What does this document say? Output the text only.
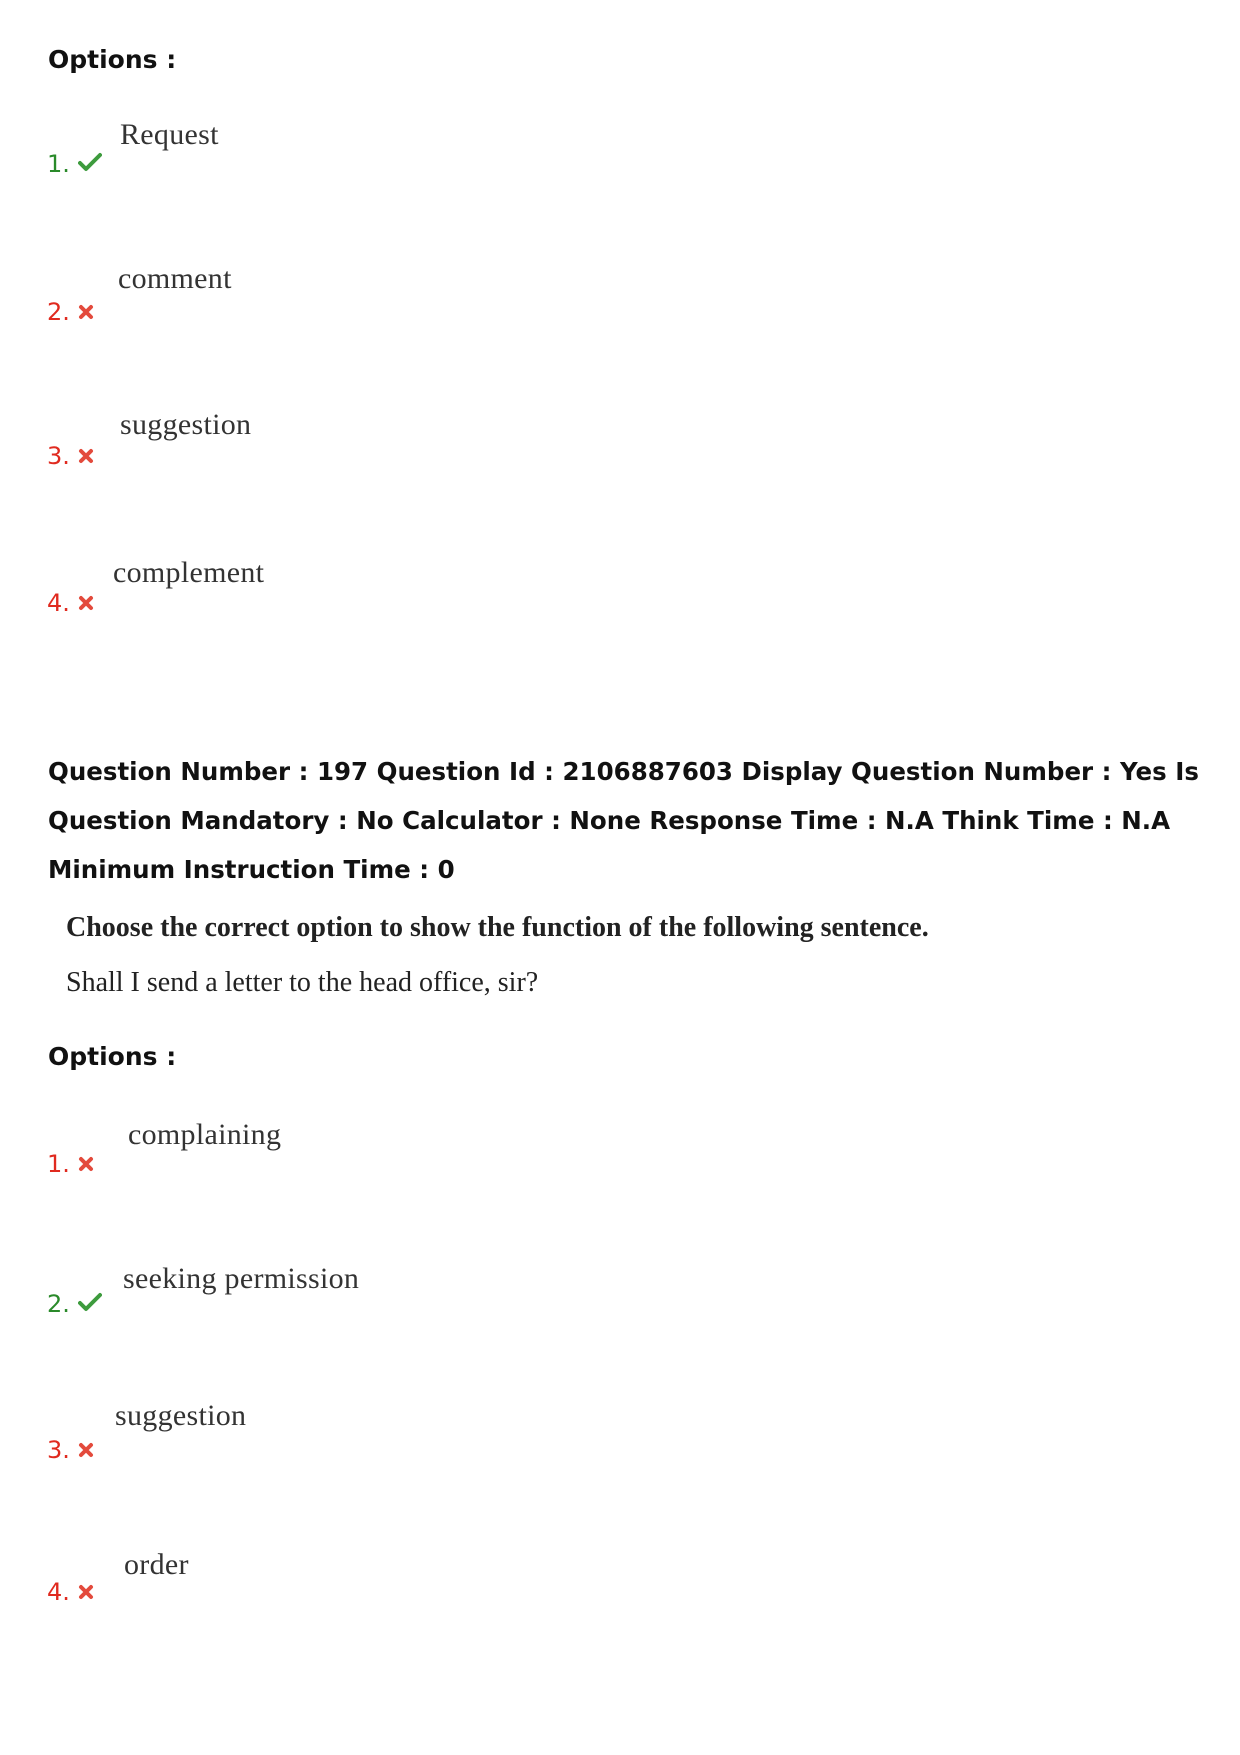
Options :
1.
Request
2.
comment
3.
suggestion
4.
complement
Question Number : 197 Question Id : 2106887603 Display Question Number : Yes Is Question Mandatory : No Calculator : None Response Time : N.A Think Time : N.A Minimum Instruction Time : 0
Choose the correct option to show the function of the following sentence.
Shall I send a letter to the head office, sir?
Options :
1.
complaining
2.
seeking permission
3.
suggestion
4.
order
